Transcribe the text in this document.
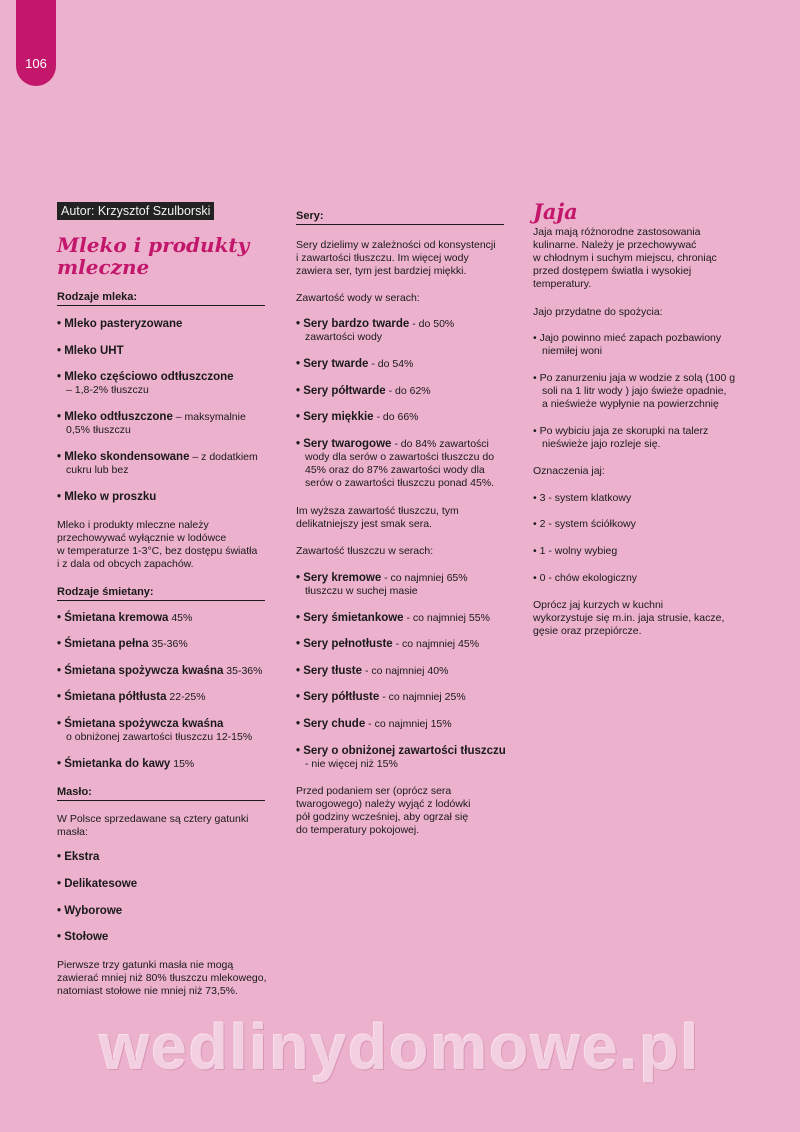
106
Autor: Krzysztof Szulborski
Mleko i produkty
mleczne
Rodzaje mleka:
• Mleko pasteryzowane
• Mleko UHT
• Mleko częściowo odtłuszczone
– 1,8-2% tłuszczu
• Mleko odtłuszczone – maksymalnie
0,5% tłuszczu
• Mleko skondensowane – z dodatkiem
cukru lub bez
• Mleko w proszku
Mleko i produkty mleczne należy
przechowywać wyłącznie w lodówce
w temperaturze 1-3°C, bez dostępu światła
i z dala od obcych zapachów.
Rodzaje śmietany:
• Śmietana kremowa 45%
• Śmietana pełna 35-36%
• Śmietana spożywcza kwaśna 35-36%
• Śmietana półtłusta 22-25%
• Śmietana spożywcza kwaśna
o obniżonej zawartości tłuszczu 12-15%
• Śmietanka do kawy 15%
Masło:
W Polsce sprzedawane są cztery gatunki
masła:
• Ekstra
• Delikatesowe
• Wyborowe
• Stołowe
Pierwsze trzy gatunki masła nie mogą
zawierać mniej niż 80% tłuszczu mlekowego,
natomiast stołowe nie mniej niż 73,5%.
Sery:
Sery dzielimy w zależności od konsystencji
i zawartości tłuszczu. Im więcej wody
zawiera ser, tym jest bardziej miękki.
Zawartość wody w serach:
• Sery bardzo twarde - do 50%
zawartości wody
• Sery twarde - do 54%
• Sery półtwarde - do 62%
• Sery miękkie - do 66%
• Sery twarogowe - do 84% zawartości
wody dla serów o zawartości tłuszczu do
45% oraz do 87% zawartości wody dla
serów o zawartości tłuszczu ponad 45%.
Im wyższa zawartość tłuszczu, tym
delikatniejszy jest smak sera.
Zawartość tłuszczu w serach:
• Sery kremowe - co najmniej 65%
tłuszczu w suchej masie
• Sery śmietankowe - co najmniej 55%
• Sery pełnotłuste - co najmniej 45%
• Sery tłuste - co najmniej 40%
• Sery półtłuste - co najmniej 25%
• Sery chude - co najmniej 15%
• Sery o obniżonej zawartości tłuszczu
- nie więcej niż 15%
Przed podaniem ser (oprócz sera
twarogowego) należy wyjąć z lodówki
pół godziny wcześniej, aby ogrzał się
do temperatury pokojowej.
Jaja
Jaja mają różnorodne zastosowania
kulinarne. Należy je przechowywać
w chłodnym i suchym miejscu, chroniąc
przed dostępem światła i wysokiej
temperatury.
Jajo przydatne do spożycia:
• Jajo powinno mieć zapach pozbawiony
niemiłej woni
• Po zanurzeniu jaja w wodzie z solą (100 g
soli na 1 litr wody ) jajo świeże opadnie,
a nieświeże wypłynie na powierzchnię
• Po wybiciu jaja ze skorupki na talerz
nieświeże jajo rozleje się.
Oznaczenia jaj:
• 3 - system klatkowy
• 2 - system ściółkowy
• 1 - wolny wybieg
• 0 - chów ekologiczny
Oprócz jaj kurzych w kuchni
wykorzystuje się m.in. jaja strusie, kacze,
gęsie oraz przepiórcze.
wedlinydomowe.pl
